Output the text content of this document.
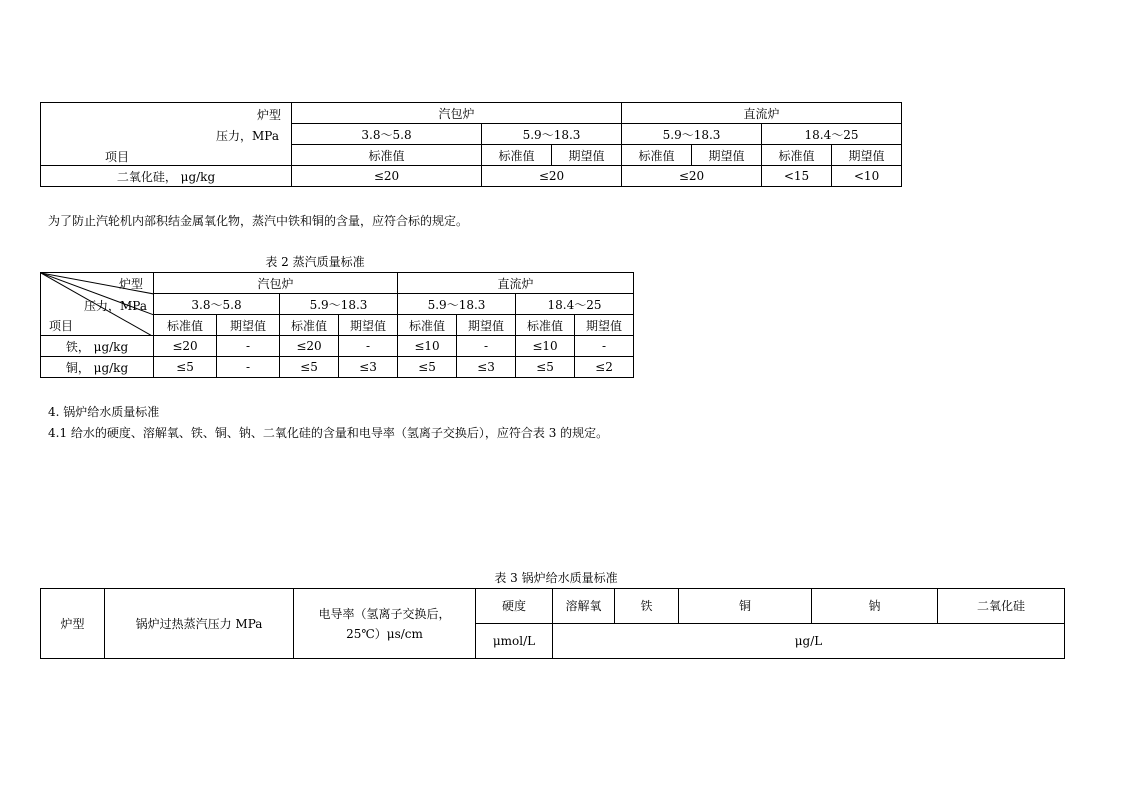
炉型
压力，MPa
项目	汽包炉			直流炉			
	3.8～5.8	5.9～18.3		5.9～18.3		18.4～25	
	标准值	标准值	期望值	标准值	期望值	标准值	期望值
二氧化硅， μg/kg	≤20	≤20		≤20		<15	<10
为了防止汽轮机内部积结金属氧化物，蒸汽中铁和铜的含量，应符合标的规定。
表 2 蒸汽质量标准
炉型
压力，MPa
项目	汽包炉				直流炉			
	3.8～5.8		5.9～18.3		5.9～18.3		18.4～25	
	标准值	期望值	标准值	期望值	标准值	期望值	标准值	期望值
铁， μg/kg	≤20	-	≤20	-	≤10	-	≤10	-
铜， μg/kg	≤5	-	≤5	≤3	≤5	≤3	≤5	≤2
4. 锅炉给水质量标准
4.1 给水的硬度、溶解氧、铁、铜、钠、二氧化硅的含量和电导率（氢离子交换后），应符合表 3 的规定。
表 3 锅炉给水质量标准
炉型	锅炉过热蒸汽压力 MPa	电导率（氢离子交换后，25℃）μs/cm	硬度	溶解氧	铁	铜	钠	二氧化硅
			μmol/L	μg/L				
